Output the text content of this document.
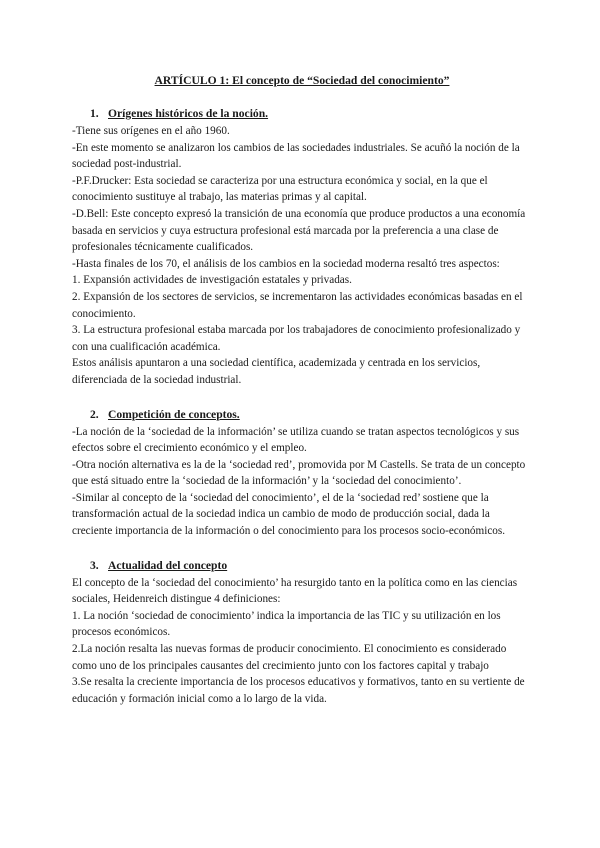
ARTÍCULO 1: El concepto de “Sociedad del conocimiento”

1. Orígenes históricos de la noción.

-Tiene sus orígenes en el año 1960.

-En este momento se analizaron los cambios de las sociedades industriales. Se acuñó la noción de la sociedad post-industrial.

-P.F.Drucker: Esta sociedad se caracteriza por una estructura económica y social, en la que el conocimiento sustituye al trabajo, las materias primas y al capital.

-D.Bell: Este concepto expresó la transición de una economía que produce productos a una economía basada en servicios y cuya estructura profesional está marcada por la preferencia a una clase de profesionales técnicamente cualificados.

-Hasta finales de los 70, el análisis de los cambios en la sociedad moderna resaltó tres aspectos:

1. Expansión actividades de investigación estatales y privadas.

2. Expansión de los sectores de servicios, se incrementaron las actividades económicas basadas en el conocimiento.

3. La estructura profesional estaba marcada por los trabajadores de conocimiento profesionalizado y con una cualificación académica.

Estos análisis apuntaron a una sociedad científica, academizada y centrada en los servicios, diferenciada de la sociedad industrial.

2. Competición de conceptos.

-La noción de la ‘sociedad de la información’ se utiliza cuando se tratan aspectos tecnológicos y sus efectos sobre el crecimiento económico y el empleo.

-Otra noción alternativa es la de la ‘sociedad red’, promovida por M Castells. Se trata de un concepto que está situado entre la ‘sociedad de la información’ y la ‘sociedad del conocimiento’.

-Similar al concepto de la ‘sociedad del conocimiento’, el de la ‘sociedad red’ sostiene que la transformación actual de la sociedad indica un cambio de modo de producción social, dada la creciente importancia de la información o del conocimiento para los procesos socio-económicos.

3. Actualidad del concepto

El concepto de la ‘sociedad del conocimiento’ ha resurgido tanto en la política como en las ciencias sociales, Heidenreich distingue 4 definiciones:

1. La noción ‘sociedad de conocimiento’ indica la importancia de las TIC y su utilización en los procesos económicos.

2.La noción resalta las nuevas formas de producir conocimiento. El conocimiento es considerado como uno de los principales causantes del crecimiento junto con los factores capital y trabajo

3.Se resalta la creciente importancia de los procesos educativos y formativos, tanto en su vertiente de educación y formación inicial como a lo largo de la vida.
